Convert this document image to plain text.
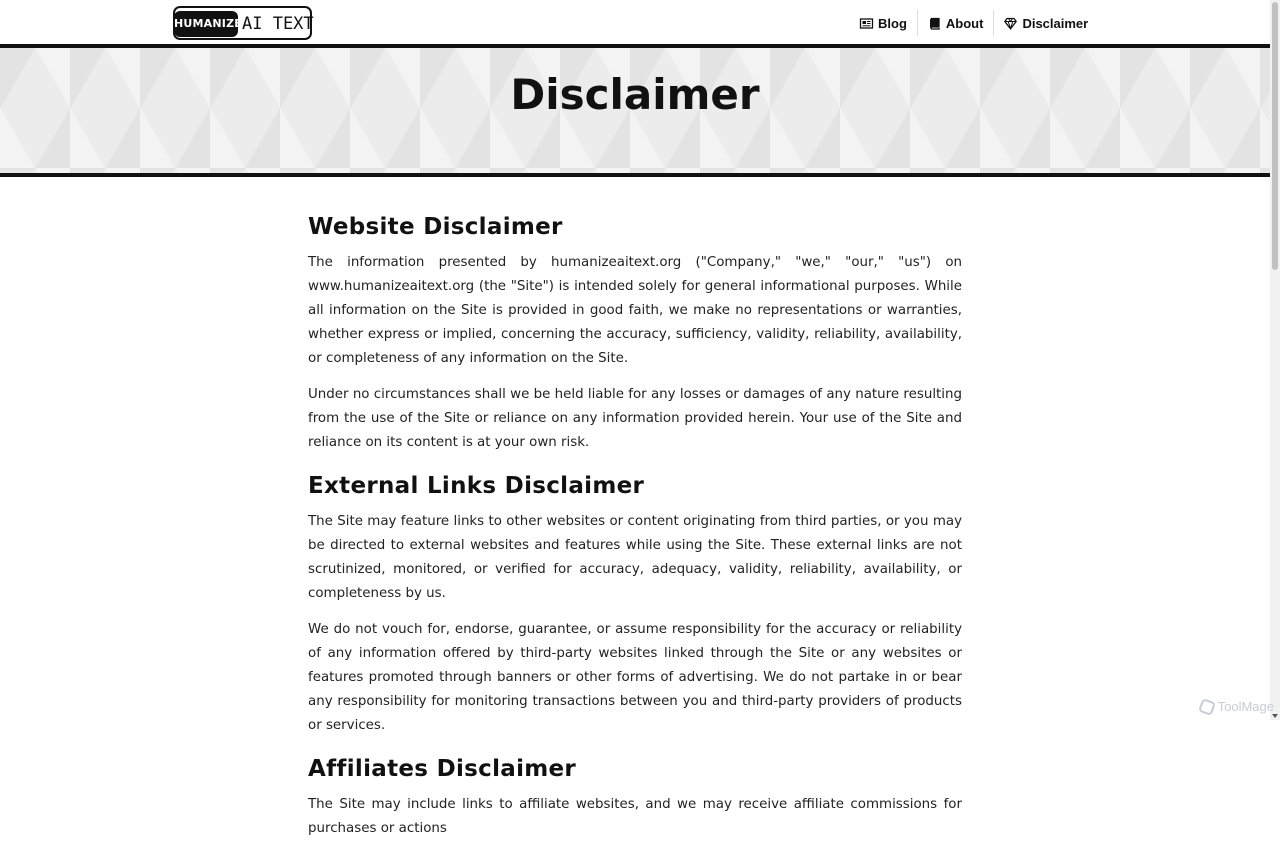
HUMANIZE AI TEXT	Blog	About	Disclaimer
Disclaimer
Website Disclaimer

The information presented by humanizeaitext.org ("Company," "we," "our," "us") on www.humanizeaitext.org (the "Site") is intended solely for general informational purposes. While all information on the Site is provided in good faith, we make no representations or warranties, whether express or implied, concerning the accuracy, sufficiency, validity, reliability, availability, or completeness of any information on the Site.

Under no circumstances shall we be held liable for any losses or damages of any nature resulting from the use of the Site or reliance on any information provided herein. Your use of the Site and reliance on its content is at your own risk.

External Links Disclaimer

The Site may feature links to other websites or content originating from third parties, or you may be directed to external websites and features while using the Site. These external links are not scrutinized, monitored, or verified for accuracy, adequacy, validity, reliability, availability, or completeness by us.

We do not vouch for, endorse, guarantee, or assume responsibility for the accuracy or reliability of any information offered by third-party websites linked through the Site or any websites or features promoted through banners or other forms of advertising. We do not partake in or bear any responsibility for monitoring transactions between you and third-party providers of products or services.

Affiliates Disclaimer

The Site may include links to affiliate websites, and we may receive affiliate commissions for purchases or actions

ToolMage
